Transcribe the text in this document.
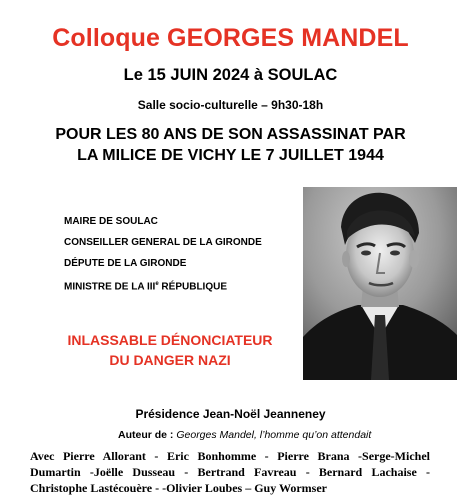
Colloque GEORGES MANDEL
Le 15 JUIN 2024 à SOULAC
Salle socio-culturelle – 9h30-18h
POUR LES 80 ANS DE SON ASSASSINAT PAR
LA MILICE DE VICHY LE 7 JUILLET 1944
MAIRE DE SOULAC
CONSEILLER GENERAL DE LA GIRONDE
DÉPUTE DE LA GIRONDE
MINISTRE DE LA IIIe RÉPUBLIQUE
INLASSABLE DÉNONCIATEUR
DU DANGER NAZI
Présidence Jean-Noël Jeanneney
Auteur de : Georges Mandel, l’homme qu’on attendait
Avec Pierre Allorant - Eric Bonhomme - Pierre Brana -Serge-Michel
Dumartin -Joëlle Dusseau - Bertrand Favreau - Bernard Lachaise -
Christophe Lastécouère - -Olivier Loubes – Guy Wormser
